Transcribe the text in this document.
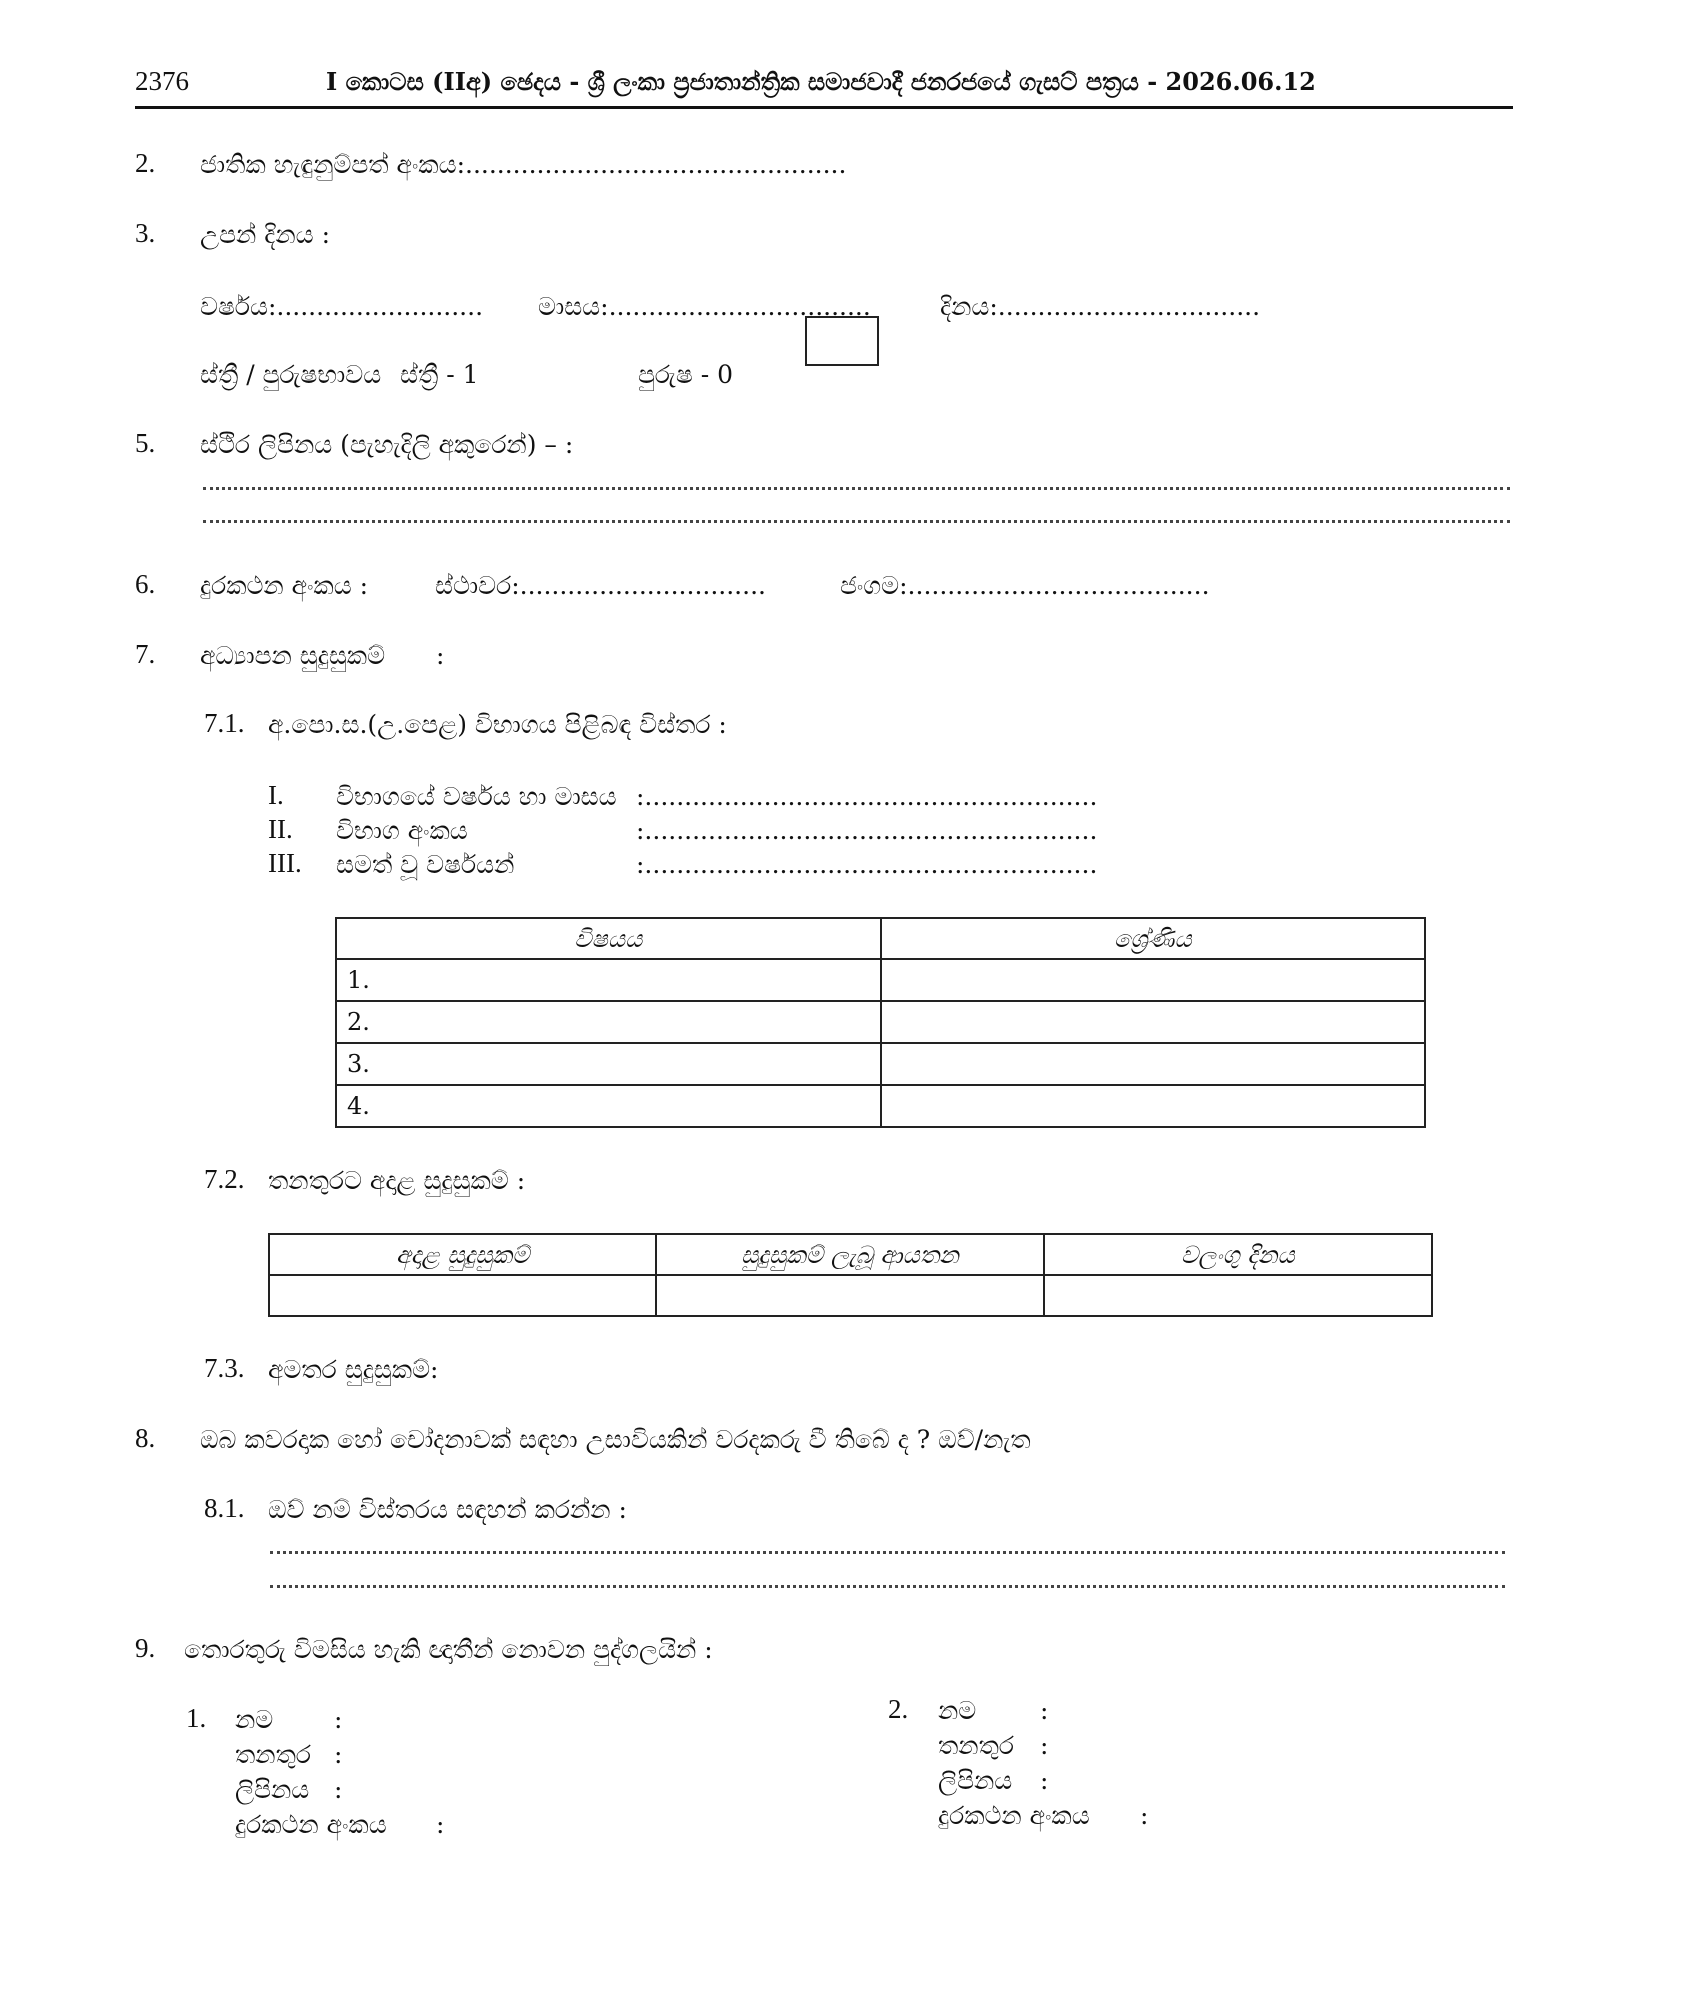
2376	I කොටස (IIඅ) ඡෙදය - ශ්‍රී ලංකා ප්‍රජාතාන්ත්‍රික සමාජවාදී ජනරජයේ ගැසට් පත්‍රය - 2026.06.12
2. ජාතික හැඳුනුම්පත් අංකය:................................................
3. උපන් දිනය :
වර්ෂය:.......................... මාසය:.................................	දිනය:.................................
ස්ත්‍රී / පුරුෂභාවය ස්ත්‍රී - 1	පුරුෂ - 0
5. ස්ථිර ලිපිනය (පැහැදිලි අකුරෙන්) – :
6. දුරකථන අංකය :	ස්ථාවර:...............................	ජංගම:......................................
7. අධ්‍යාපන සුදුසුකම් :
7.1. අ.පො.ස.(උ.පෙළ) විභාගය පිළිබඳ විස්තර :
I. විභාගයේ වර්ෂය හා මාසය :.........................................................
II. විභාග අංකය	:.........................................................
III. සමත් වූ වර්ෂයන්	:.........................................................
විෂයය	ශ්‍රේණිය
1.	
2.	
3.	
4.	
7.2. තනතුරට අදාළ සුදුසුකම් :
අදාළ සුදුසුකම්	සුදුසුකම් ලැබූ ආයතන	වලංගු දිනය

7.3. අමතර සුදුසුකම්:
8. ඔබ කවරදාක හෝ චෝදනාවක් සඳහා උසාවියකින් වරදකරු වී තිබේ ද ? ඔව්/නැත
8.1. ඔව් නම් විස්තරය සඳහන් කරන්න :
9. තොරතුරු විමසිය හැකි ඥාතීන් නොවන පුද්ගලයින් :
1. නම :
තනතුර :
ලිපිනය :
දුරකථන අංකය :
2. නම	:
තනතුර :
ලිපිනය :
දුරකථන අංකය :
